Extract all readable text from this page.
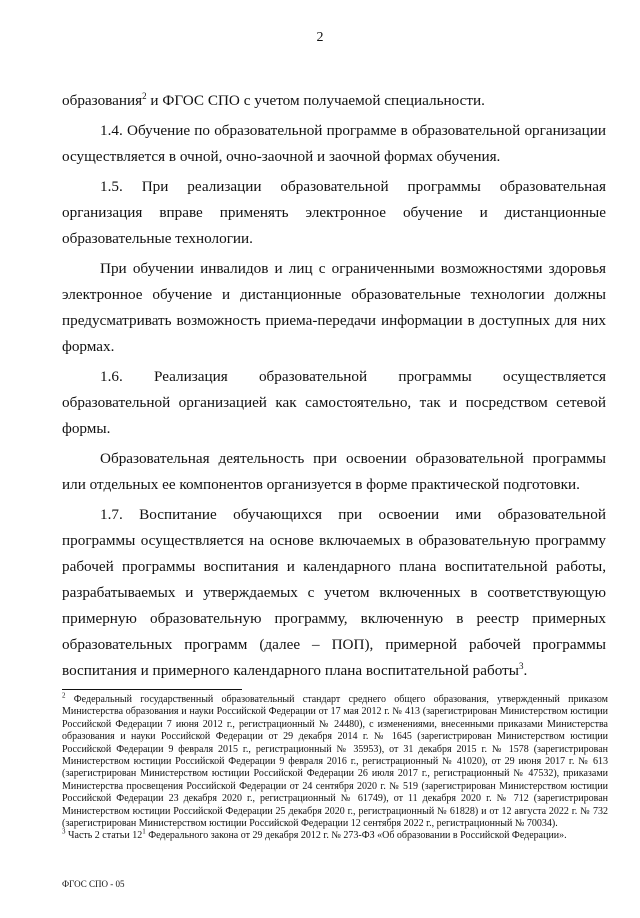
2

образования$^2$ и ФГОС СПО с учетом получаемой специальности.

1.4. Обучение по образовательной программе в образовательной организации осуществляется в очной, очно-заочной и заочной формах обучения.

1.5. При реализации образовательной программы образовательная организация вправе применять электронное обучение и дистанционные образовательные технологии.

При обучении инвалидов и лиц с ограниченными возможностями здоровья электронное обучение и дистанционные образовательные технологии должны предусматривать возможность приема-передачи информации в доступных для них формах.

1.6. Реализация образовательной программы осуществляется образовательной организацией как самостоятельно, так и посредством сетевой формы.

Образовательная деятельность при освоении образовательной программы или отдельных ее компонентов организуется в форме практической подготовки.

1.7. Воспитание обучающихся при освоении ими образовательной программы осуществляется на основе включаемых в образовательную программу рабочей программы воспитания и календарного плана воспитательной работы, разрабатываемых и утверждаемых с учетом включенных в соответствующую примерную образовательную программу, включенную в реестр примерных образовательных программ (далее – ПОП), примерной рабочей программы воспитания и примерного календарного плана воспитательной работы$^3$.

$^2$ Федеральный государственный образовательный стандарт среднего общего образования, утвержденный приказом Министерства образования и науки Российской Федерации от 17 мая 2012 г. № 413 (зарегистрирован Министерством юстиции Российской Федерации 7 июня 2012 г., регистрационный № 24480), с изменениями, внесенными приказами Министерства образования и науки Российской Федерации от 29 декабря 2014 г. № 1645 (зарегистрирован Министерством юстиции Российской Федерации 9 февраля 2015 г., регистрационный № 35953), от 31 декабря 2015 г. № 1578 (зарегистрирован Министерством юстиции Российской Федерации 9 февраля 2016 г., регистрационный № 41020), от 29 июня 2017 г. № 613 (зарегистрирован Министерством юстиции Российской Федерации 26 июля 2017 г., регистрационный № 47532), приказами Министерства просвещения Российской Федерации от 24 сентября 2020 г. № 519 (зарегистрирован Министерством юстиции Российской Федерации 23 декабря 2020 г., регистрационный № 61749), от 11 декабря 2020 г. № 712 (зарегистрирован Министерством юстиции Российской Федерации 25 декабря 2020 г., регистрационный № 61828) и от 12 августа 2022 г. № 732 (зарегистрирован Министерством юстиции Российской Федерации 12 сентября 2022 г., регистрационный № 70034).

$^3$ Часть 2 статьи 12$^1$ Федерального закона от 29 декабря 2012 г. № 273-ФЗ «Об образовании в Российской Федерации».

ФГОС СПО - 05
